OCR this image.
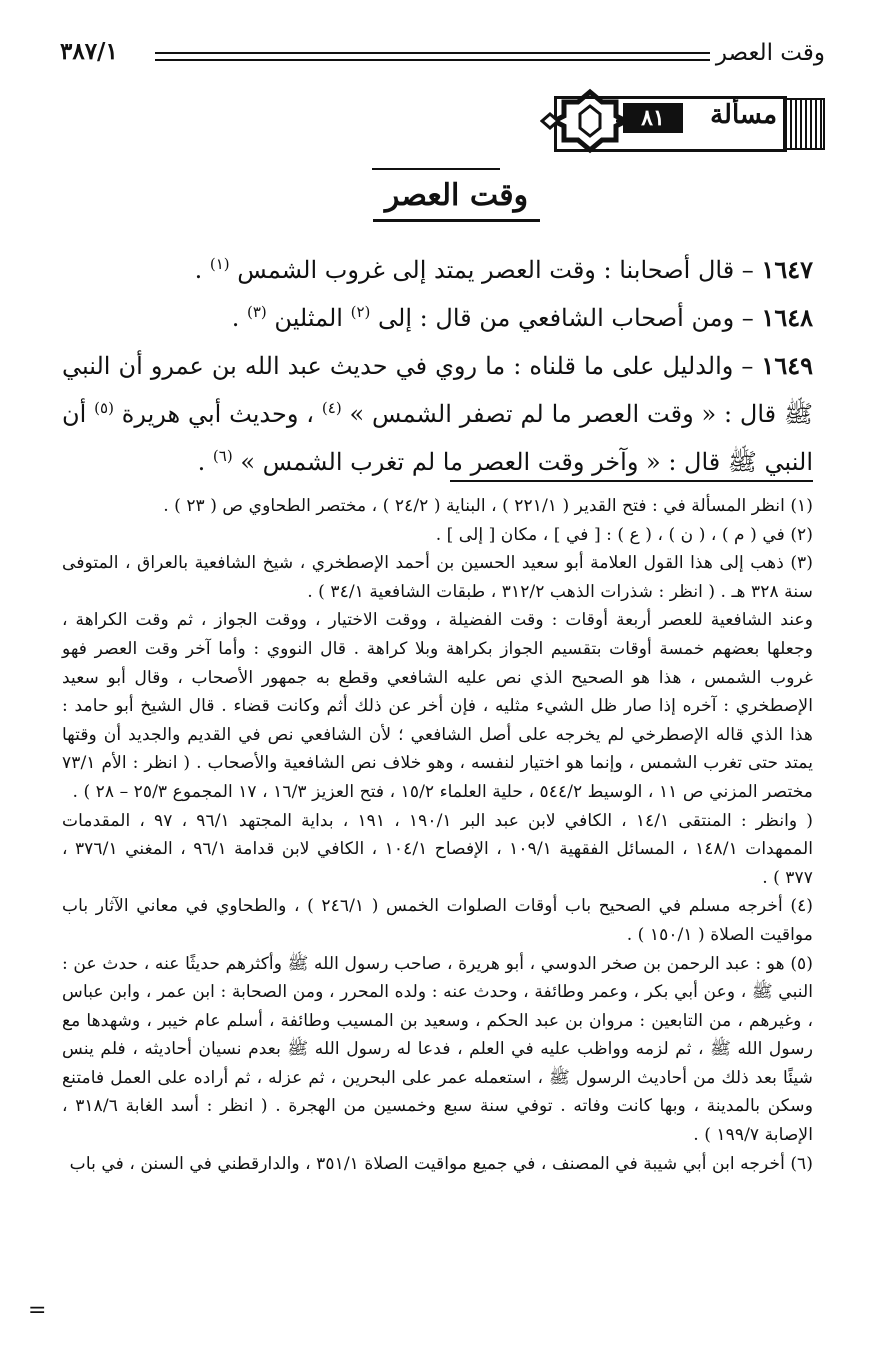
وقت العصر
٣٨٧/١
مسألة
٨١
وقت العصر

١٦٤٧ – قال أصحابنا : وقت العصر يمتد إلى غروب الشمس $^{(١)}$ .

١٦٤٨ – ومن أصحاب الشافعي من قال : إلى $^{(٢)}$ المثلين $^{(٣)}$ .

١٦٤٩ – والدليل على ما قلناه : ما روي في حديث عبد الله بن عمرو أن النبي ﷺ قال : « وقت العصر ما لم تصفر الشمس » $^{(٤)}$ ، وحديث أبي هريرة $^{(٥)}$ أن النبي ﷺ قال : « وآخر وقت العصر ما لم تغرب الشمس » $^{(٦)}$ .

(١) انظر المسألة في : فتح القدير ( ٢٢١/١ ) ، البناية ( ٢٤/٢ ) ، مختصر الطحاوي ص ( ٢٣ ) .

(٢) في ( م ) ، ( ن ) ، ( ع ) : [ في ] ، مكان [ إلى ] .

(٣) ذهب إلى هذا القول العلامة أبو سعيد الحسين بن أحمد الإصطخري ، شيخ الشافعية بالعراق ، المتوفى سنة ٣٢٨ هـ . ( انظر : شذرات الذهب ٣١٢/٢ ، طبقات الشافعية ٣٤/١ ) .

وعند الشافعية للعصر أربعة أوقات : وقت الفضيلة ، ووقت الاختيار ، ووقت الجواز ، ثم وقت الكراهة ، وجعلها بعضهم خمسة أوقات بتقسيم الجواز بكراهة وبلا كراهة . قال النووي : وأما آخر وقت العصر فهو غروب الشمس ، هذا هو الصحيح الذي نص عليه الشافعي وقطع به جمهور الأصحاب ، وقال أبو سعيد الإصطخري : آخره إذا صار ظل الشيء مثليه ، فإن أخر عن ذلك أثم وكانت قضاء . قال الشيخ أبو حامد : هذا الذي قاله الإصطرخي لم يخرجه على أصل الشافعي ؛ لأن الشافعي نص في القديم والجديد أن وقتها يمتد حتى تغرب الشمس ، وإنما هو اختيار لنفسه ، وهو خلاف نص الشافعية والأصحاب . ( انظر : الأم ٧٣/١ مختصر المزني ص ١١ ، الوسيط ٥٤٤/٢ ، حلية العلماء ١٥/٢ ، فتح العزيز ١٦/٣ ، ١٧ المجموع ٢٥/٣ – ٢٨ ) .

( وانظر : المنتقى ١٤/١ ، الكافي لابن عبد البر ١٩٠/١ ، ١٩١ ، بداية المجتهد ٩٦/١ ، ٩٧ ، المقدمات الممهدات ١٤٨/١ ، المسائل الفقهية ١٠٩/١ ، الإفصاح ١٠٤/١ ، الكافي لابن قدامة ٩٦/١ ، المغني ٣٧٦/١ ، ٣٧٧ ) .

(٤) أخرجه مسلم في الصحيح باب أوقات الصلوات الخمس ( ٢٤٦/١ ) ، والطحاوي في معاني الآثار باب مواقيت الصلاة ( ١٥٠/١ ) .

(٥) هو : عبد الرحمن بن صخر الدوسي ، أبو هريرة ، صاحب رسول الله ﷺ وأكثرهم حديثًا عنه ، حدث عن : النبي ﷺ ، وعن أبي بكر ، وعمر وطائفة ، وحدث عنه : ولده المحرر ، ومن الصحابة : ابن عمر ، وابن عباس ، وغيرهم ، من التابعين : مروان بن عبد الحكم ، وسعيد بن المسيب وطائفة ، أسلم عام خيبر ، وشهدها مع رسول الله ﷺ ، ثم لزمه وواظب عليه في العلم ، فدعا له رسول الله ﷺ بعدم نسيان أحاديثه ، فلم ينس شيئًا بعد ذلك من أحاديث الرسول ﷺ ، استعمله عمر على البحرين ، ثم عزله ، ثم أراده على العمل فامتنع وسكن بالمدينة ، وبها كانت وفاته . توفي سنة سبع وخمسين من الهجرة . ( انظر : أسد الغابة ٣١٨/٦ ، الإصابة ١٩٩/٧ ) .

(٦) أخرجه ابن أبي شيبة في المصنف ، في جميع مواقيت الصلاة ٣٥١/١ ، والدارقطني في السنن ، في باب

=
